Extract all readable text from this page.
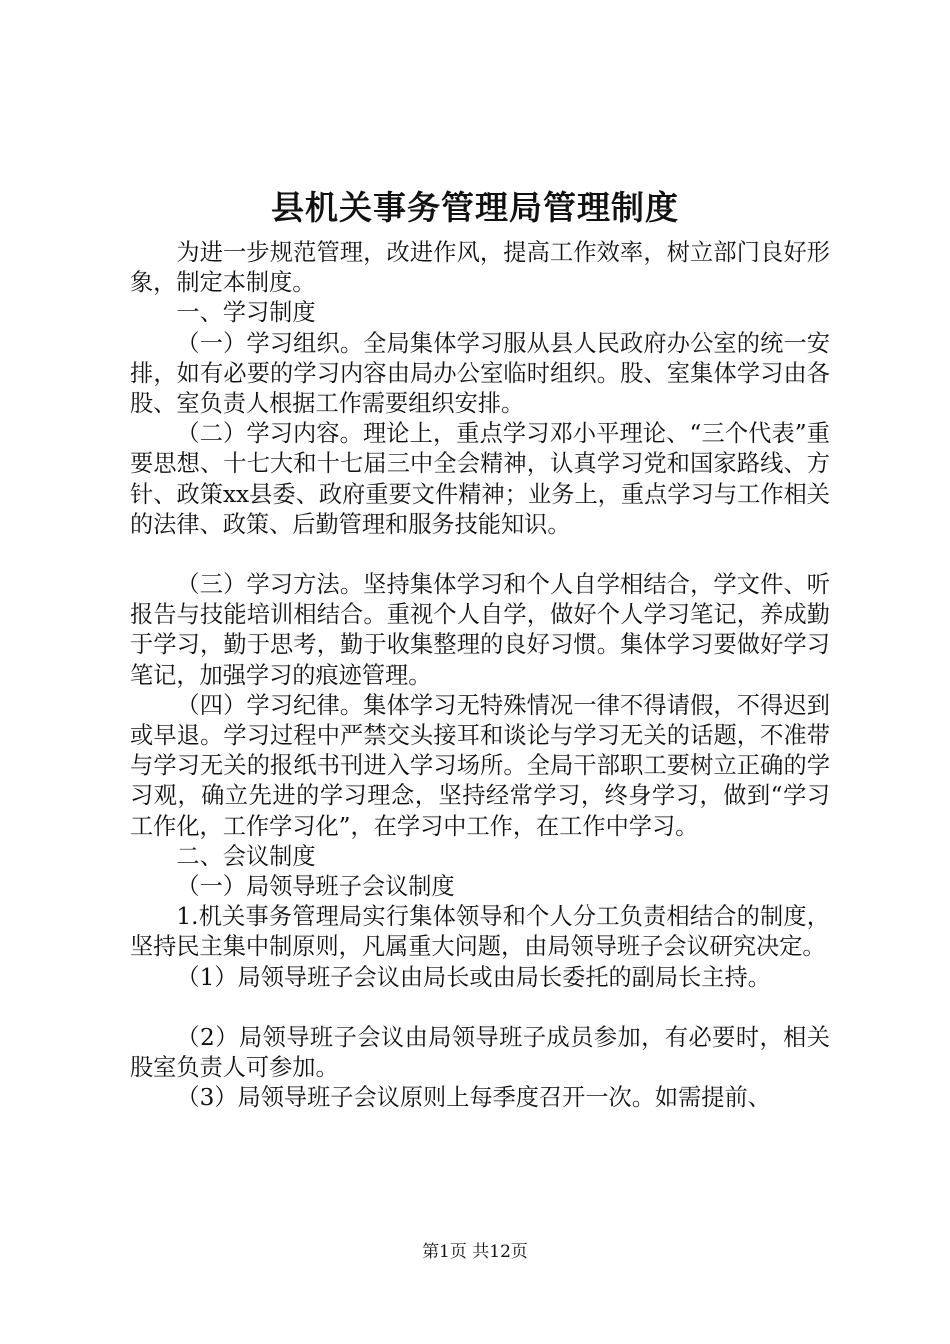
县机关事务管理局管理制度

为进一步规范管理，改进作风，提高工作效率，树立部门良好形象，制定本制度。

一、学习制度

（一）学习组织。全局集体学习服从县人民政府办公室的统一安排，如有必要的学习内容由局办公室临时组织。股、室集体学习由各股、室负责人根据工作需要组织安排。

（二）学习内容。理论上，重点学习邓小平理论、“三个代表”重要思想、十七大和十七届三中全会精神，认真学习党和国家路线、方针、政策xx县委、政府重要文件精神；业务上，重点学习与工作相关的法律、政策、后勤管理和服务技能知识。

（三）学习方法。坚持集体学习和个人自学相结合，学文件、听报告与技能培训相结合。重视个人自学，做好个人学习笔记，养成勤于学习，勤于思考，勤于收集整理的良好习惯。集体学习要做好学习笔记，加强学习的痕迹管理。

（四）学习纪律。集体学习无特殊情况一律不得请假，不得迟到或早退。学习过程中严禁交头接耳和谈论与学习无关的话题，不准带与学习无关的报纸书刊进入学习场所。全局干部职工要树立正确的学习观，确立先进的学习理念，坚持经常学习，终身学习，做到“学习工作化，工作学习化”，在学习中工作，在工作中学习。

二、会议制度

（一）局领导班子会议制度

1.机关事务管理局实行集体领导和个人分工负责相结合的制度，坚持民主集中制原则，凡属重大问题，由局领导班子会议研究决定。

（1）局领导班子会议由局长或由局长委托的副局长主持。

（2）局领导班子会议由局领导班子成员参加，有必要时，相关股室负责人可参加。

（3）局领导班子会议原则上每季度召开一次。如需提前、

第1页 共12页
